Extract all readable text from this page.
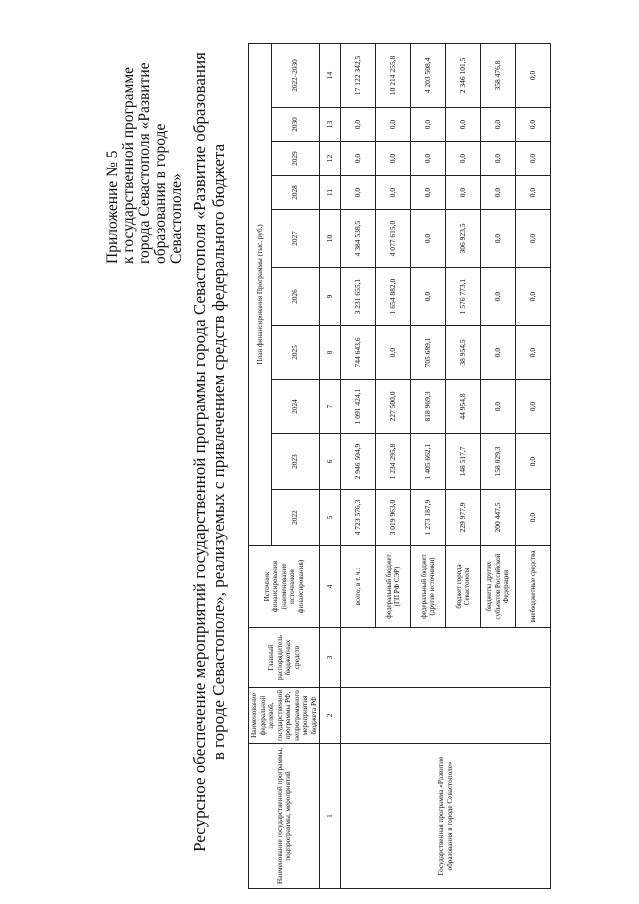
Приложение № 5 к государственной программе города Севастополя «Развитие образования в городе Севастополе» Ресурсное обеспечение мероприятий государственной программы города Севастополя «Развитие образования в городе Севастополе», реализуемых с привлечением средств федерального бюджета
Наименование государственной программы, подпрограммы, мероприятий	Наименование федеральной целевой, государственной программы РФ, непрограммного мероприятия бюджета РФ	Главный распорядитель бюджетных средств	Источник финансирования (наименование источников финансирования)	План финансирования Программы (тыс. руб.)									
				2022	2023	2024	2025	2026	2027	2028	2029	2030	2022–2030
1	2	3	4	5	6	7	8	9	10	11	12	13	14
Государственная программа «Развитие образования в городе Севастополе»			всего, в т. ч.:	4 723 576,3	2 946 504,9	1 091 424,1	744 643,6	3 231 655,1	4 384 538,5	0,0	0,0	0,0	17 122 342,5
			федеральный бюджет (ГП РФ СЭР)	3 019 963,0	1 234 295,8	227 500,0	0,0	1 654 882,0	4 077 615,0	0,0	0,0	0,0	10 214 255,8
			федеральный бюджет (другие источники)	1 273 187,9	1 405 662,1	818 969,3	705 689,1	0,0	0,0	0,0	0,0	0,0	4 203 508,4
			бюджет города Севастополя	229 977,9	148 517,7	44 954,8	38 954,5	1 576 773,1	306 923,5	0,0	0,0	0,0	2 346 101,5
			бюджеты других субъектов Российской Федерации	200 447,5	158 029,3	0,0	0,0	0,0	0,0	0,0	0,0	0,0	358 476,8
			внебюджетные средства	0,0	0,0	0,0	0,0	0,0	0,0	0,0	0,0	0,0	0,0
